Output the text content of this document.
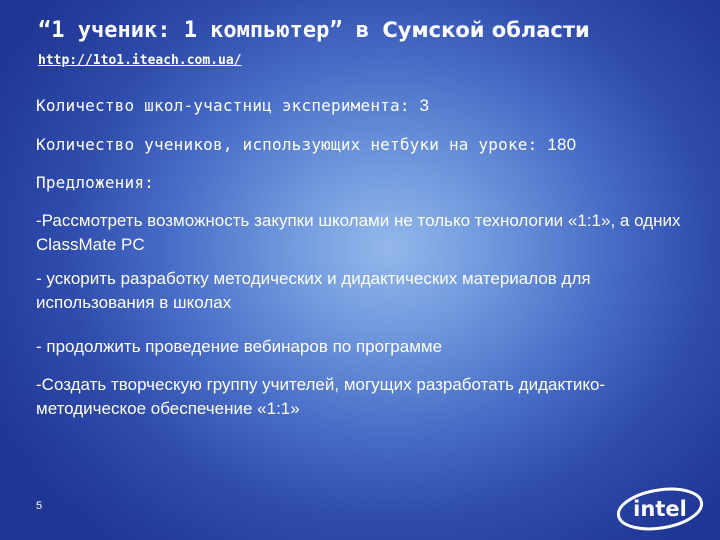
“1 ученик: 1 компьютер” в Сумской области
http://1to1.iteach.com.ua/
Количество школ-участниц эксперимента: 3
Количество учеников, использующих нетбуки на уроке: 180
Предложения:
-Рассмотреть возможность закупки школами не только технологии «1:1», а одних ClassMate PC
- ускорить разработку методических и дидактических материалов для использования в школах
- продолжить проведение вебинаров по программе
-Создать творческую группу учителей, могущих разработать дидактико-методическое обеспечение «1:1»
5	intel
